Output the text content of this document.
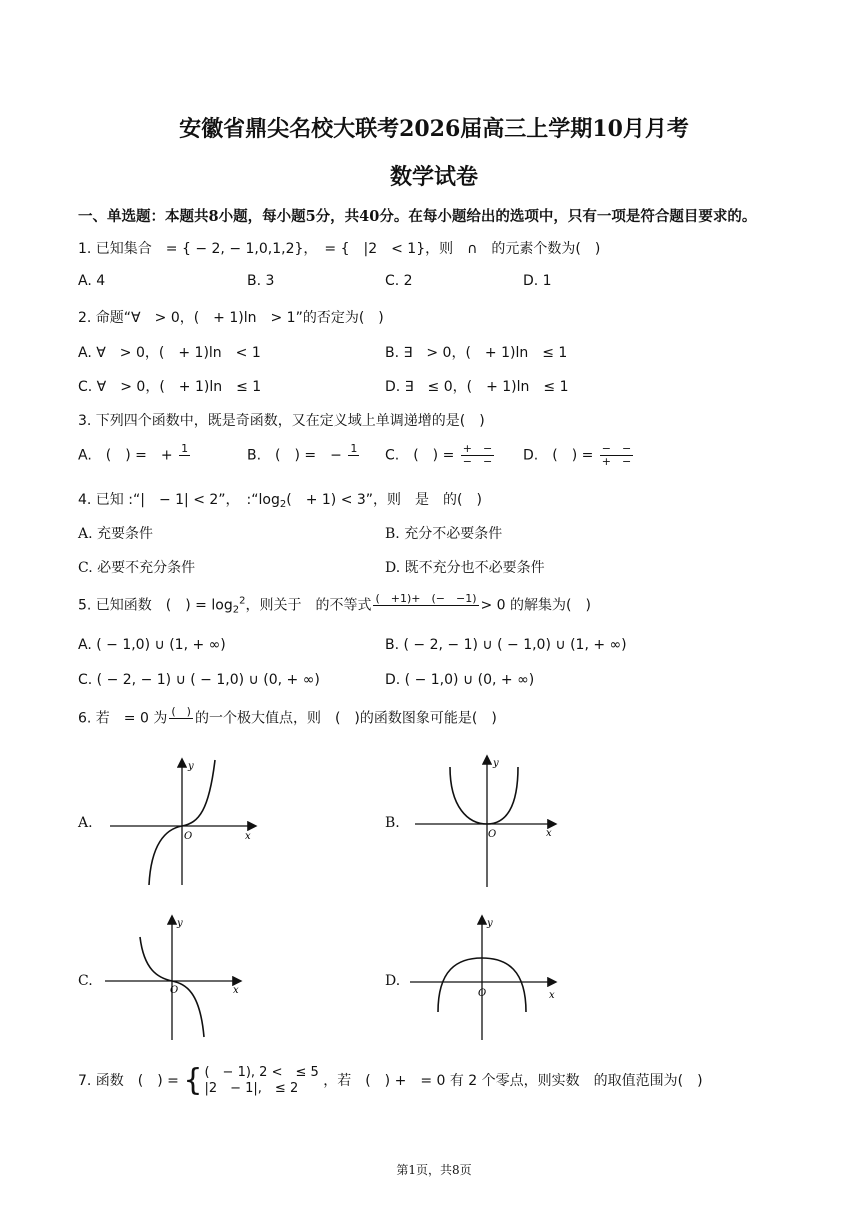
安徽省鼎尖名校大联考2026届高三上学期10月月考
数学试卷
一、单选题：本题共8小题，每小题5分，共40分。在每小题给出的选项中，只有一项是符合题目要求的。
1. 已知集合　= { − 2, − 1,0,1,2}，　= {　|2　< 1}，则　∩　的元素个数为(　)
A. 4	B. 3	C. 2	D. 1
2. 命题“∀　> 0，(　+ 1)ln　> 1”的否定为(　)
A. ∀　> 0，(　+ 1)ln　< 1	B. ∃　> 0，(　+ 1)ln　≤ 1
C. ∀　> 0，(　+ 1)ln　≤ 1	D. ∃　≤ 0，(　+ 1)ln　≤ 1
3. 下列四个函数中，既是奇函数，又在定义域上单调递增的是(　)
A.　(　) =　+ 1	B.　(　) =　− 1 C.　(　) = $\frac{+ -}{- -} D$.　(　) = $\frac{- -}{+ -}$
4. 已知 :“|　− 1| < 2”，　$:“\log_2$(　+ 1) < 3”，则　是　的(　)
A. 充要条件	B. 充分不必要条件
C. 必要不充分条件	D. 既不充分也不必要条件
5. 已知函数　(　) = $\log_2^2$，则关于　的不等式 (　+1)+　(−　−1) > 0 的解集为(　)
A. ( − 1,0) ∪ (1, + ∞)	B. ( − 2, − 1) ∪ ( − 1,0) ∪ (1, + ∞)
C. ( − 2, − 1) ∪ ( − 1,0) ∪ (0, + ∞)	D. ( − 1,0) ∪ (0, + ∞)
6. 若　= 0 为 (　) 的一个极大值点，则　(　)的函数图象可能是(　)
A.	B.
C.	D.
y
x
O
y
x
O
y
x
O
y
x
O
7. 函数　(　) = { (　− 1), 2 <　≤ 5
|2　− 1|,　≤ 2	，若　(　) +　= 0 有 2 个零点，则实数　的取值范围为(　)
第1页，共8页
